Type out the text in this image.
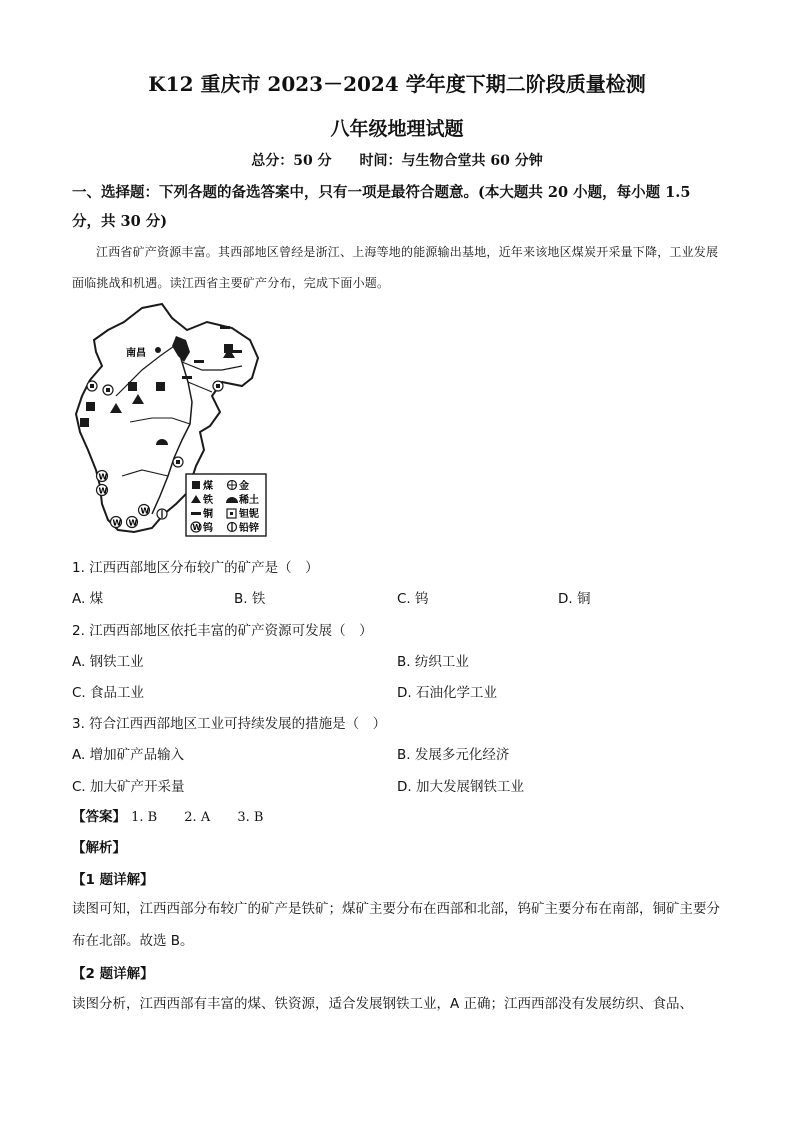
K12 重庆市 2023－2024 学年度下期二阶段质量检测
八年级地理试题
总分：50 分　　时间：与生物合堂共 60 分钟
一、选择题：下列各题的备选答案中，只有一项是最符合题意。(本大题共 20 小题，每小题 1.5 分，共 30 分)
江西省矿产资源丰富。其西部地区曾经是浙江、上海等地的能源输出基地，近年来该地区煤炭开采量下降，工业发展面临挑战和机遇。读江西省主要矿产分布，完成下面小题。
南昌
W
W
W
W W
煤	金
铁	稀土
铜	钽铌
W 钨	铅锌
1. 江西西部地区分布较广的矿产是（　）
A. 煤	B. 铁	C. 钨	D. 铜
2. 江西西部地区依托丰富的矿产资源可发展（　）
A. 钢铁工业	B. 纺织工业
C. 食品工业	D. 石油化学工业
3. 符合江西西部地区工业可持续发展的措施是（　）
A. 增加矿产品输入	B. 发展多元化经济
C. 加大矿产开采量	D. 加大发展钢铁工业
【答案】 1. B 2. A 3. B
【解析】
【1 题详解】
读图可知，江西西部分布较广的矿产是铁矿；煤矿主要分布在西部和北部，钨矿主要分布在南部，铜矿主要分布在北部。故选 B。
【2 题详解】
读图分析，江西西部有丰富的煤、铁资源，适合发展钢铁工业，A 正确；江西西部没有发展纺织、食品、
